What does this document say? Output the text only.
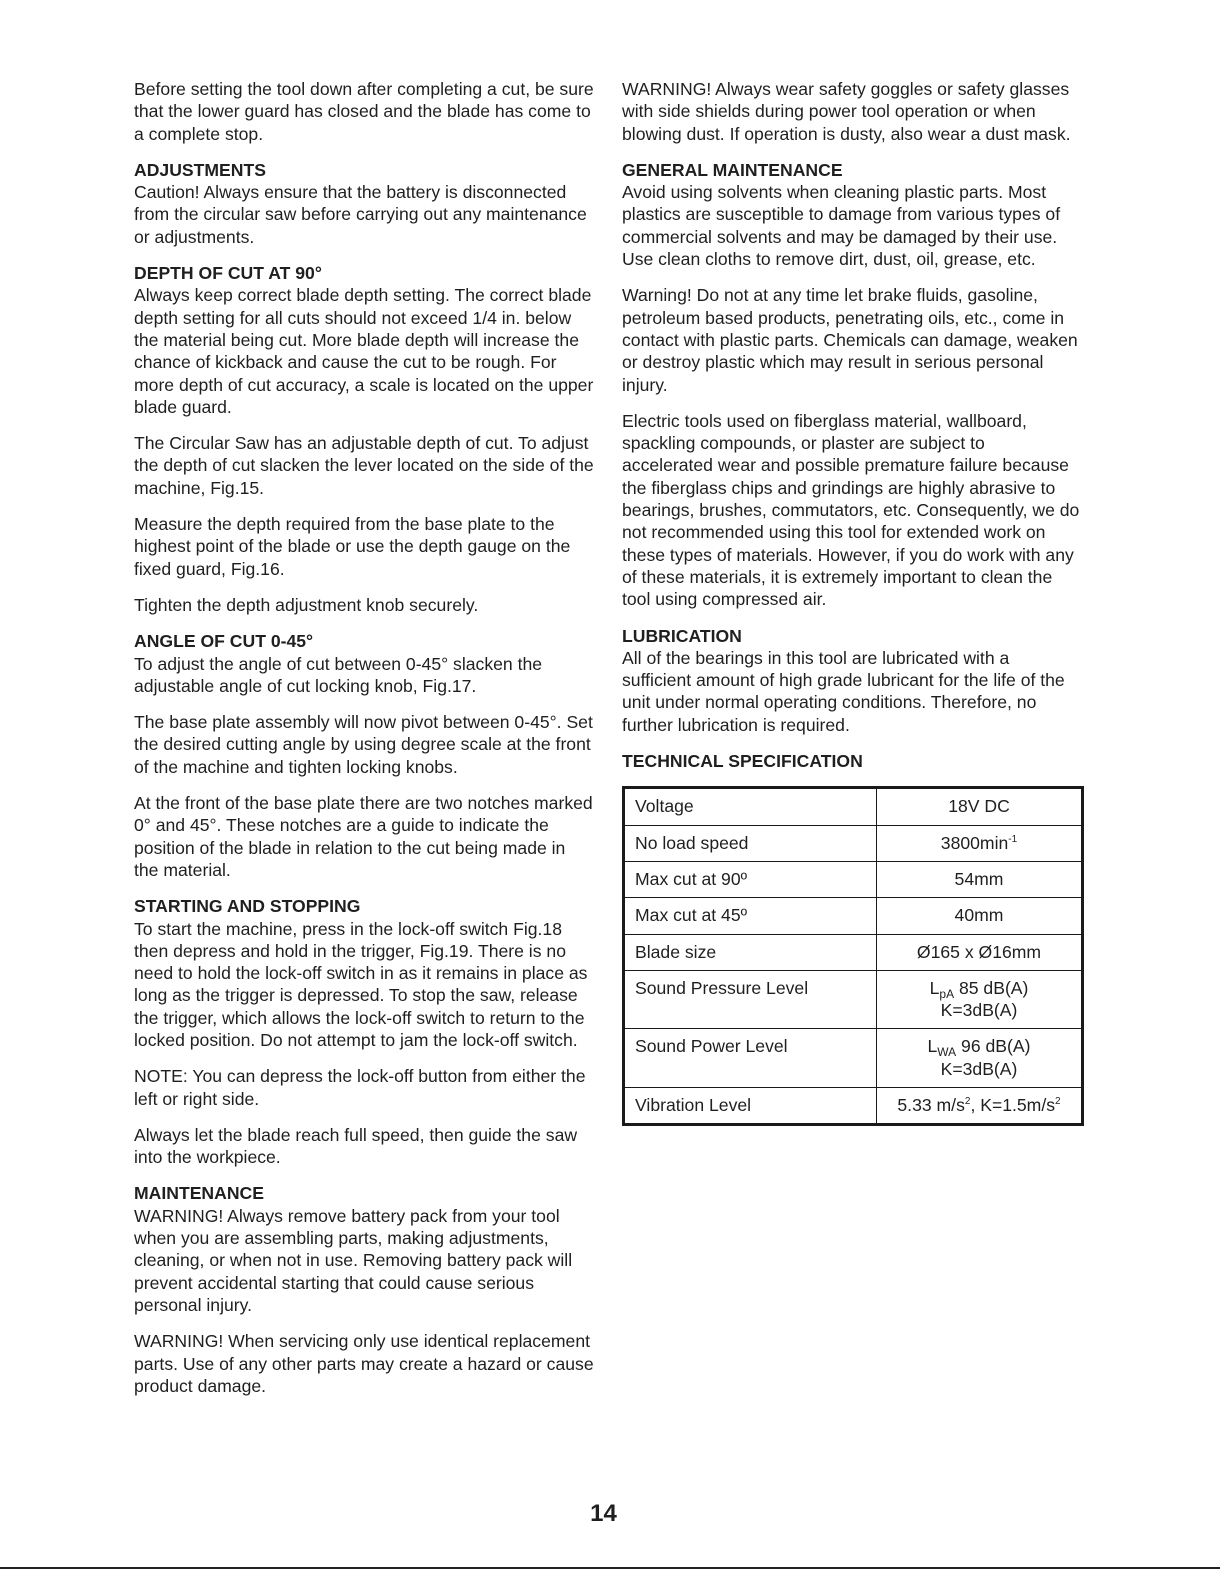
Before setting the tool down after completing a cut, be sure that the lower guard has closed and the blade has come to a complete stop.

ADJUSTMENTS

Caution! Always ensure that the battery is disconnected from the circular saw before carrying out any maintenance or adjustments.

DEPTH OF CUT AT 90°

Always keep correct blade depth setting. The correct blade depth setting for all cuts should not exceed 1/4 in. below the material being cut. More blade depth will increase the chance of kickback and cause the cut to be rough. For more depth of cut accuracy, a scale is located on the upper blade guard.

The Circular Saw has an adjustable depth of cut. To adjust the depth of cut slacken the lever located on the side of the machine, Fig.15.

Measure the depth required from the base plate to the highest point of the blade or use the depth gauge on the fixed guard, Fig.16.

Tighten the depth adjustment knob securely.

ANGLE OF CUT 0-45°

To adjust the angle of cut between 0-45° slacken the adjustable angle of cut locking knob, Fig.17.

The base plate assembly will now pivot between 0-45°. Set the desired cutting angle by using degree scale at the front of the machine and tighten locking knobs.

At the front of the base plate there are two notches marked 0° and 45°. These notches are a guide to indicate the position of the blade in relation to the cut being made in the material.

STARTING AND STOPPING

To start the machine, press in the lock-off switch Fig.18 then depress and hold in the trigger, Fig.19. There is no need to hold the lock-off switch in as it remains in place as long as the trigger is depressed. To stop the saw, release the trigger, which allows the lock-off switch to return to the locked position. Do not attempt to jam the lock-off switch.

NOTE: You can depress the lock-off button from either the left or right side.

Always let the blade reach full speed, then guide the saw into the workpiece.

MAINTENANCE

WARNING! Always remove battery pack from your tool when you are assembling parts, making adjustments, cleaning, or when not in use. Removing battery pack will prevent accidental starting that could cause serious personal injury.

WARNING! When servicing only use identical replacement parts. Use of any other parts may create a hazard or cause product damage.

WARNING! Always wear safety goggles or safety glasses with side shields during power tool operation or when blowing dust. If operation is dusty, also wear a dust mask.

GENERAL MAINTENANCE

Avoid using solvents when cleaning plastic parts. Most plastics are susceptible to damage from various types of commercial solvents and may be damaged by their use. Use clean cloths to remove dirt, dust, oil, grease, etc.

Warning! Do not at any time let brake fluids, gasoline, petroleum based products, penetrating oils, etc., come in contact with plastic parts. Chemicals can damage, weaken or destroy plastic which may result in serious personal injury.

Electric tools used on fiberglass material, wallboard, spackling compounds, or plaster are subject to accelerated wear and possible premature failure because the fiberglass chips and grindings are highly abrasive to bearings, brushes, commutators, etc. Consequently, we do not recommended using this tool for extended work on these types of materials. However, if you do work with any of these materials, it is extremely important to clean the tool using compressed air.

LUBRICATION

All of the bearings in this tool are lubricated with a sufficient amount of high grade lubricant for the life of the unit under normal operating conditions. Therefore, no further lubrication is required.

TECHNICAL SPECIFICATION
Voltage	18V DC
No load speed	$3800\min^{-1}$
Max cut at 90º	54mm
Max cut at 45º	40mm
Blade size	Ø165 x Ø16mm
Sound Pressure Level	$L_{pA}$ 85 dB(A)
K=3dB(A)
Sound Power Level	$L_{WA}$ 96 dB(A)
K=3dB(A)
Vibration Level	5.33 $m/s^2$, $K=1.5m/s^2$
14
